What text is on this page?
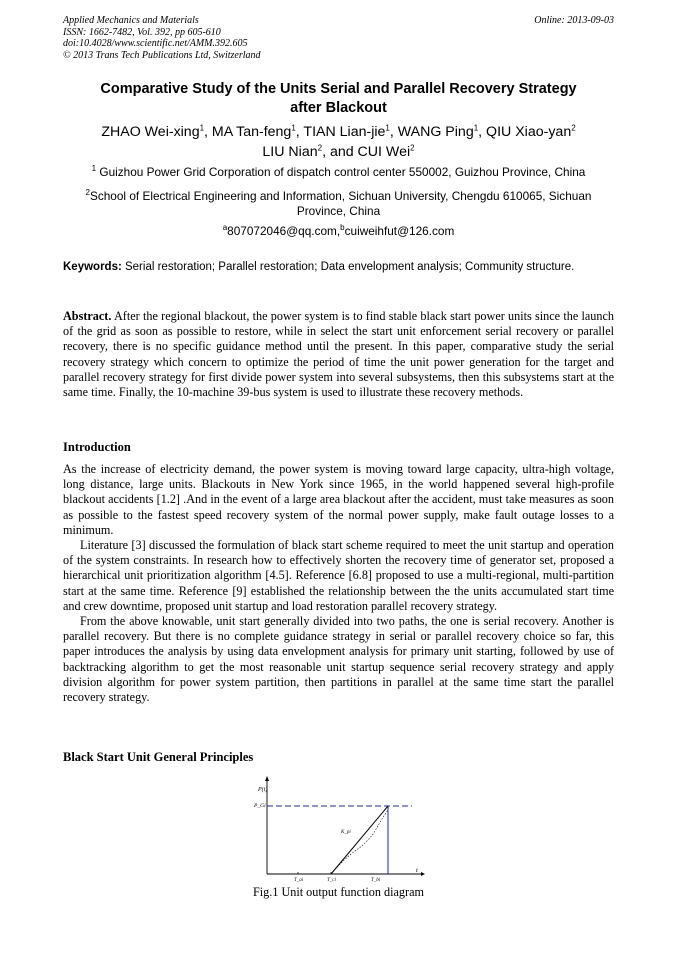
Applied Mechanics and Materials
ISSN: 1662-7482, Vol. 392, pp 605-610
doi:10.4028/www.scientific.net/AMM.392.605
© 2013 Trans Tech Publications Ltd, Switzerland
Online: 2013-09-03
Comparative Study of the Units Serial and Parallel Recovery Strategy
after Blackout
ZHAO Wei-xing$^1$, MA Tan-feng$^1$, TIAN Lian-jie$^1$, WANG Ping$^1$, QIU Xiao-yan$^2$
LIU Nian$^2$, and CUI Wei$^2$
$^1$ Guizhou Power Grid Corporation of dispatch control center 550002, Guizhou Province, China
$^2$School of Electrical Engineering and Information, Sichuan University, Chengdu 610065, Sichuan Province, China
$^a$807072046@qq.com,$^b$cuiweihfut@126.com
Keywords: Serial restoration; Parallel restoration; Data envelopment analysis; Community structure.
Abstract. After the regional blackout, the power system is to find stable black start power units since the launch of the grid as soon as possible to restore, while in select the start unit enforcement serial recovery or parallel recovery, there is no specific guidance method until the present. In this paper, comparative study the serial recovery strategy which concern to optimize the period of time the unit power generation for the target and parallel recovery strategy for first divide power system into several subsystems, then this subsystems start at the same time. Finally, the 10-machine 39-bus system is used to illustrate these recovery methods.
Introduction

As the increase of electricity demand, the power system is moving toward large capacity, ultra-high voltage, long distance, large units. Blackouts in New York since 1965, in the world happened several high-profile blackout accidents [1.2] .And in the event of a large area blackout after the accident, must take measures as soon as possible to the fastest speed recovery system of the normal power supply, make fault outage losses to a minimum.

Literature [3] discussed the formulation of black start scheme required to meet the unit startup and operation of the system constraints. In research how to effectively shorten the recovery time of generator set, proposed a hierarchical unit prioritization algorithm [4.5]. Reference [6.8] proposed to use a multi-regional, multi-partition start at the same time. Reference [9] established the relationship between the the units accumulated start time and crew downtime, proposed unit startup and load restoration parallel recovery strategy.

From the above knowable, unit start generally divided into two paths, the one is serial recovery. Another is parallel recovery. But there is no complete guidance strategy in serial or parallel recovery choice so far, this paper introduces the analysis by using data envelopment analysis for primary unit starting, followed by use of backtracking algorithm to get the most reasonable unit startup sequence serial recovery strategy and apply division algorithm for power system partition, then partitions in parallel at the same time start the parallel recovery strategy.

Black Start Unit General Principles
P(t)
P_Gi
t
T_ai	T_ci	T_bi
K_pi
Fig.1 Unit output function diagram
